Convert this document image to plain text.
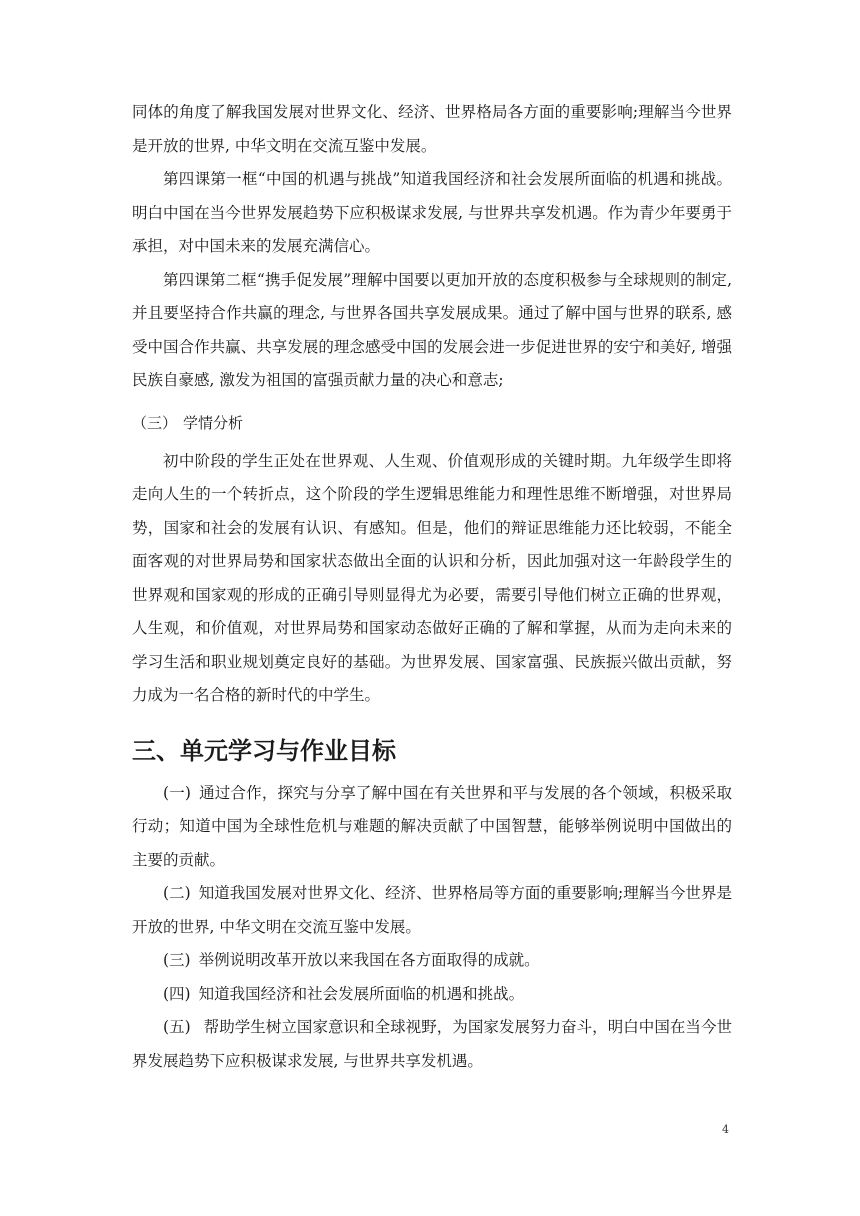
同体的角度了解我国发展对世界文化、经济、世界格局各方面的重要影响;理解当今世界是开放的世界, 中华文明在交流互鉴中发展。

第四课第一框“中国的机遇与挑战”知道我国经济和社会发展所面临的机遇和挑战。明白中国在当今世界发展趋势下应积极谋求发展, 与世界共享发机遇。作为青少年要勇于承担，对中国未来的发展充满信心。

第四课第二框“携手促发展”理解中国要以更加开放的态度积极参与全球规则的制定, 并且要坚持合作共赢的理念, 与世界各国共享发展成果。通过了解中国与世界的联系, 感受中国合作共赢、共享发展的理念感受中国的发展会进一步促进世界的安宁和美好, 增强民族自豪感, 激发为祖国的富强贡献力量的决心和意志;

（三） 学情分析

初中阶段的学生正处在世界观、人生观、价值观形成的关键时期。九年级学生即将走向人生的一个转折点，这个阶段的学生逻辑思维能力和理性思维不断增强，对世界局势，国家和社会的发展有认识、有感知。但是，他们的辩证思维能力还比较弱，不能全面客观的对世界局势和国家状态做出全面的认识和分析，因此加强对这一年龄段学生的世界观和国家观的形成的正确引导则显得尤为必要，需要引导他们树立正确的世界观，人生观，和价值观，对世界局势和国家动态做好正确的了解和掌握，从而为走向未来的学习生活和职业规划奠定良好的基础。为世界发展、国家富强、民族振兴做出贡献，努力成为一名合格的新时代的中学生。

三、单元学习与作业目标

(一) 通过合作，探究与分享了解中国在有关世界和平与发展的各个领域，积极采取行动；知道中国为全球性危机与难题的解决贡献了中国智慧，能够举例说明中国做出的主要的贡献。

(二) 知道我国发展对世界文化、经济、世界格局等方面的重要影响;理解当今世界是开放的世界, 中华文明在交流互鉴中发展。

(三) 举例说明改革开放以来我国在各方面取得的成就。

(四) 知道我国经济和社会发展所面临的机遇和挑战。

(五) 帮助学生树立国家意识和全球视野，为国家发展努力奋斗，明白中国在当今世界发展趋势下应积极谋求发展, 与世界共享发机遇。

4
